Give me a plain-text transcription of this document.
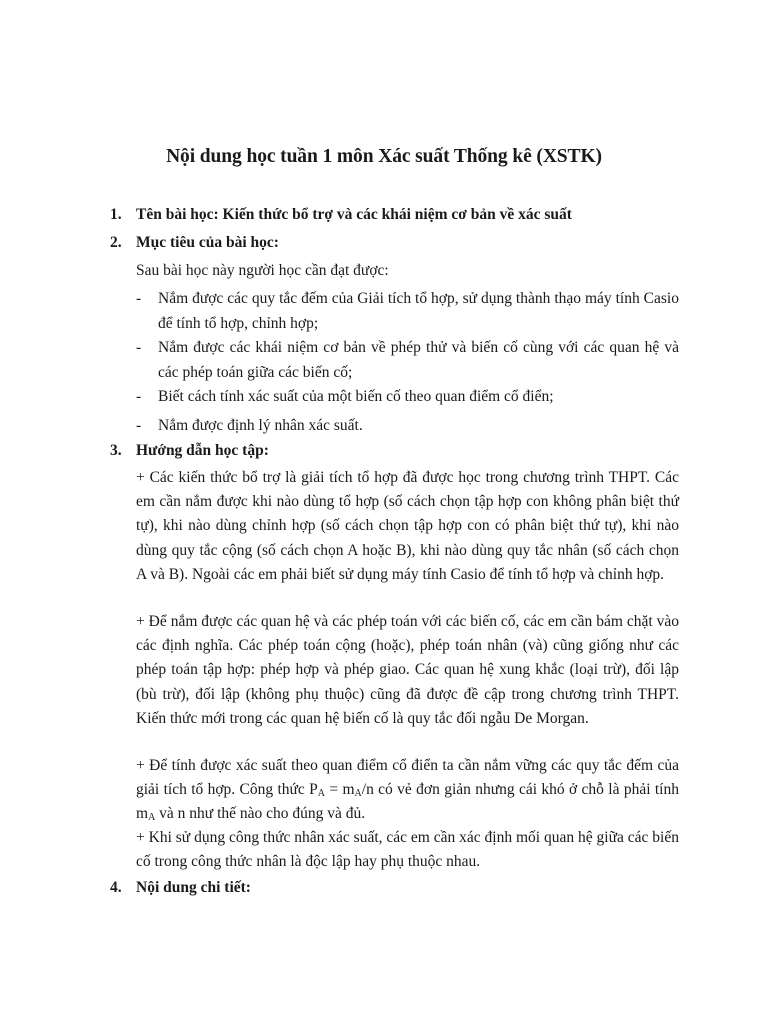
Nội dung học tuần 1 môn Xác suất Thống kê (XSTK)
1. Tên bài học: Kiến thức bổ trợ và các khái niệm cơ bản về xác suất
2. Mục tiêu của bài học:
Sau bài học này người học cần đạt được:
- Nắm được các quy tắc đếm của Giải tích tổ hợp, sử dụng thành thạo máy tính Casio để tính tổ hợp, chỉnh hợp;
- Nắm được các khái niệm cơ bản về phép thử và biến cố cùng với các quan hệ và các phép toán giữa các biến cố;
- Biết cách tính xác suất của một biến cố theo quan điểm cổ điển;
- Nắm được định lý nhân xác suất.
3. Hướng dẫn học tập:
+ Các kiến thức bổ trợ là giải tích tổ hợp đã được học trong chương trình THPT. Các em cần nắm được khi nào dùng tổ hợp (số cách chọn tập hợp con không phân biệt thứ tự), khi nào dùng chỉnh hợp (số cách chọn tập hợp con có phân biệt thứ tự), khi nào dùng quy tắc cộng (số cách chọn A hoặc B), khi nào dùng quy tắc nhân (số cách chọn A và B). Ngoài các em phải biết sử dụng máy tính Casio để tính tổ hợp và chỉnh hợp.
+ Để nắm được các quan hệ và các phép toán với các biến cố, các em cần bám chặt vào các định nghĩa. Các phép toán cộng (hoặc), phép toán nhân (và) cũng giống như các phép toán tập hợp: phép hợp và phép giao. Các quan hệ xung khắc (loại trừ), đối lập (bù trừ), đối lập (không phụ thuộc) cũng đã được đề cập trong chương trình THPT. Kiến thức mới trong các quan hệ biến cố là quy tắc đối ngẫu De Morgan.
+ Để tính được xác suất theo quan điểm cổ điển ta cần nắm vững các quy tắc đếm của giải tích tổ hợp. Công thức $P_A = m_A/n$ có vẻ đơn giản nhưng cái khó ở chỗ là phải tính $m_A$ và n như thế nào cho đúng và đủ.
+ Khi sử dụng công thức nhân xác suất, các em cần xác định mối quan hệ giữa các biến cố trong công thức nhân là độc lập hay phụ thuộc nhau.
4. Nội dung chi tiết:
